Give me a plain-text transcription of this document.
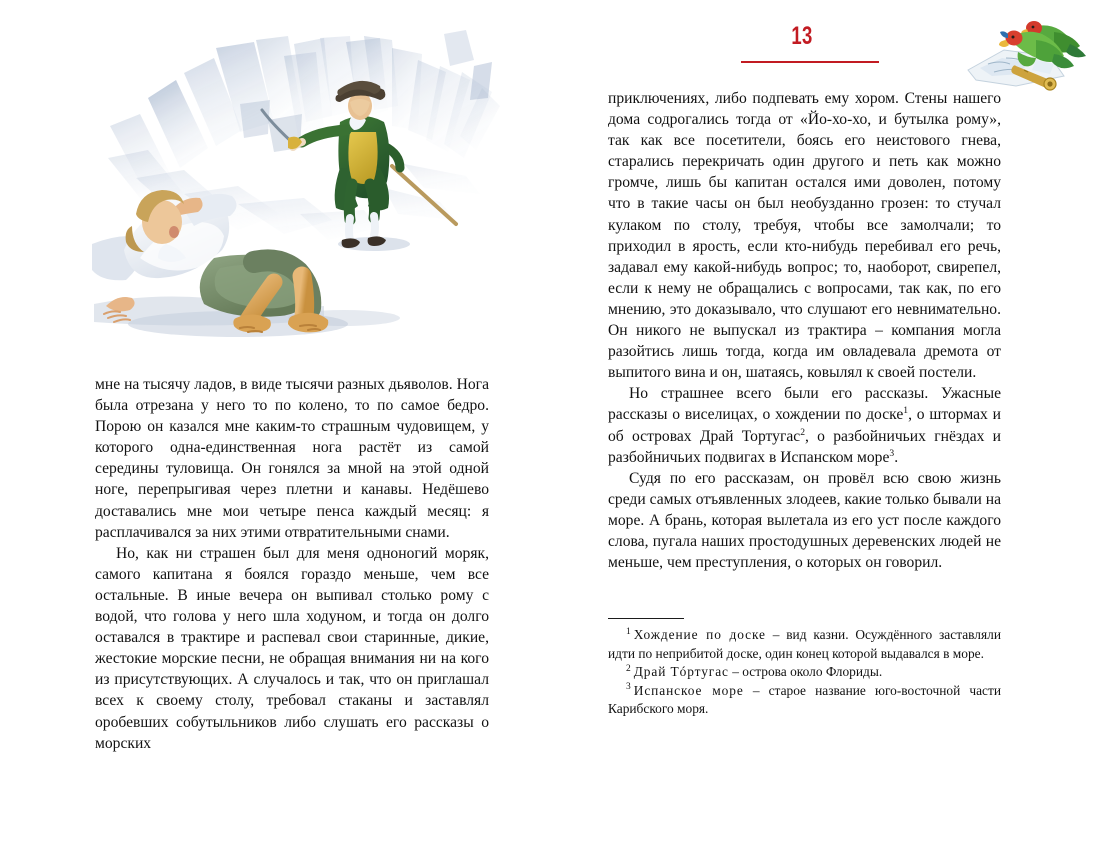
13

мне на тысячу ладов, в виде тысячи разных дьяволов. Нога была отрезана у него то по колено, то по самое бедро. Порою он казался мне каким-то страшным чудовищем, у которого одна-единственная нога растёт из самой середины туловища. Он гонялся за мной на этой одной ноге, перепрыгивая через плетни и канавы. Недёшево доставались мне мои четыре пенса каждый месяц: я расплачивался за них этими отвратительными снами.

Но, как ни страшен был для меня одноногий моряк, самого капитана я боялся гораздо меньше, чем все остальные. В иные вечера он выпивал столько рому с водой, что голова у него шла ходуном, и тогда он долго оставался в трактире и распевал свои старинные, дикие, жестокие морские песни, не обращая внимания ни на кого из присутствующих. А случалось и так, что он приглашал всех к своему столу, требовал стаканы и заставлял оробевших собутыльников либо слушать его рассказы о морских

приключениях, либо подпевать ему хором. Стены нашего дома содрогались тогда от «Йо-хо-хо, и бутылка рому», так как все посетители, боясь его неистового гнева, старались перекричать один другого и петь как можно громче, лишь бы капитан остался ими доволен, потому что в такие часы он был необузданно грозен: то стучал кулаком по столу, требуя, чтобы все замолчали; то приходил в ярость, если кто-нибудь перебивал его речь, задавал ему какой-нибудь вопрос; то, наоборот, свирепел, если к нему не обращались с вопросами, так как, по его мнению, это доказывало, что слушают его невнимательно. Он никого не выпускал из трактира – компания могла разойтись лишь тогда, когда им овладевала дремота от выпитого вина и он, шатаясь, ковылял к своей постели.

Но страшнее всего были его рассказы. Ужасные рассказы о виселицах, о хождении по доске$^1$, о штормах и об островах Драй Тортугас$^2$, о разбойничьих гнёздах и разбойничьих подвигах в Испанском море$^3$.

Судя по его рассказам, он провёл всю свою жизнь среди самых отъявленных злодеев, какие только бывали на море. А брань, которая вылетала из его уст после каждого слова, пугала наших простодушных деревенских людей не меньше, чем преступления, о которых он говорил.

$^1$ Хождение по доске – вид казни. Осуждённого заставляли идти по неприбитой доске, один конец которой выдавался в море.

$^2$ Драй Тóртугас – острова около Флориды.

$^3$ Испанское море – старое название юго-восточной части Карибского моря.
